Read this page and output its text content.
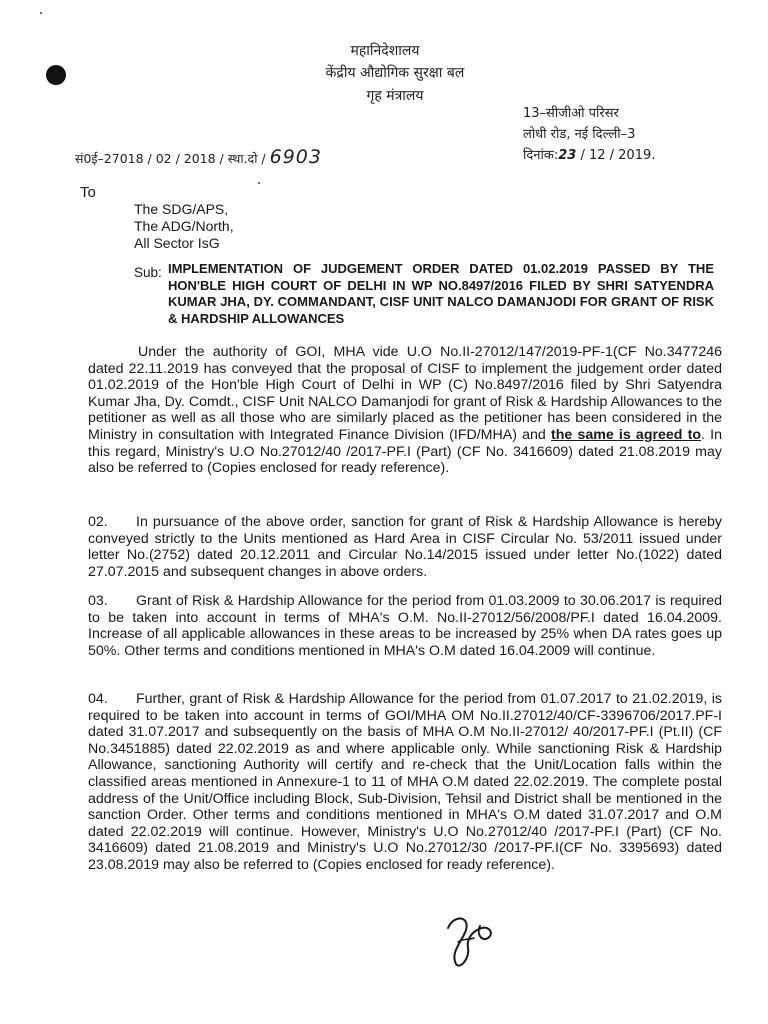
महानिदेशालय
केंद्रीय औद्योगिक सुरक्षा बल
गृह मंत्रालय
13–सीजीओ परिसर
लोधी रोड, नई दिल्ली–3
दिनांक:23 / 12 / 2019.
सं0ई–27018 / 02 / 2018 / स्था.दो / 6903
To
The SDG/APS,
The ADG/North,
All Sector IsG
Sub: IMPLEMENTATION OF JUDGEMENT ORDER DATED 01.02.2019 PASSED BY THE HON'BLE HIGH COURT OF DELHI IN WP NO.8497/2016 FILED BY SHRI SATYENDRA KUMAR JHA, DY. COMMANDANT, CISF UNIT NALCO DAMANJODI FOR GRANT OF RISK & HARDSHIP ALLOWANCES
Under the authority of GOI, MHA vide U.O No.II-27012/147/2019-PF-1(CF No.3477246 dated 22.11.2019 has conveyed that the proposal of CISF to implement the judgement order dated 01.02.2019 of the Hon'ble High Court of Delhi in WP (C) No.8497/2016 filed by Shri Satyendra Kumar Jha, Dy. Comdt., CISF Unit NALCO Damanjodi for grant of Risk & Hardship Allowances to the petitioner as well as all those who are similarly placed as the petitioner has been considered in the Ministry in consultation with Integrated Finance Division (IFD/MHA) and the same is agreed to. In this regard, Ministry's U.O No.27012/40 /2017-PF.I (Part) (CF No. 3416609) dated 21.08.2019 may also be referred to (Copies enclosed for ready reference).
02. In pursuance of the above order, sanction for grant of Risk & Hardship Allowance is hereby conveyed strictly to the Units mentioned as Hard Area in CISF Circular No. 53/2011 issued under letter No.(2752) dated 20.12.2011 and Circular No.14/2015 issued under letter No.(1022) dated 27.07.2015 and subsequent changes in above orders.
03. Grant of Risk & Hardship Allowance for the period from 01.03.2009 to 30.06.2017 is required to be taken into account in terms of MHA's O.M. No.II-27012/56/2008/PF.I dated 16.04.2009. Increase of all applicable allowances in these areas to be increased by 25% when DA rates goes up 50%. Other terms and conditions mentioned in MHA's O.M dated 16.04.2009 will continue.
04. Further, grant of Risk & Hardship Allowance for the period from 01.07.2017 to 21.02.2019, is required to be taken into account in terms of GOI/MHA OM No.II.27012/40/CF-3396706/2017.PF-I dated 31.07.2017 and subsequently on the basis of MHA O.M No.II-27012/ 40/2017-PF.I (Pt.II) (CF No.3451885) dated 22.02.2019 as and where applicable only. While sanctioning Risk & Hardship Allowance, sanctioning Authority will certify and re-check that the Unit/Location falls within the classified areas mentioned in Annexure-1 to 11 of MHA O.M dated 22.02.2019. The complete postal address of the Unit/Office including Block, Sub-Division, Tehsil and District shall be mentioned in the sanction Order. Other terms and conditions mentioned in MHA's O.M dated 31.07.2017 and O.M dated 22.02.2019 will continue. However, Ministry's U.O No.27012/40 /2017-PF.I (Part) (CF No. 3416609) dated 21.08.2019 and Ministry's U.O No.27012/30 /2017-PF.I(CF No. 3395693) dated 23.08.2019 may also be referred to (Copies enclosed for ready reference).
